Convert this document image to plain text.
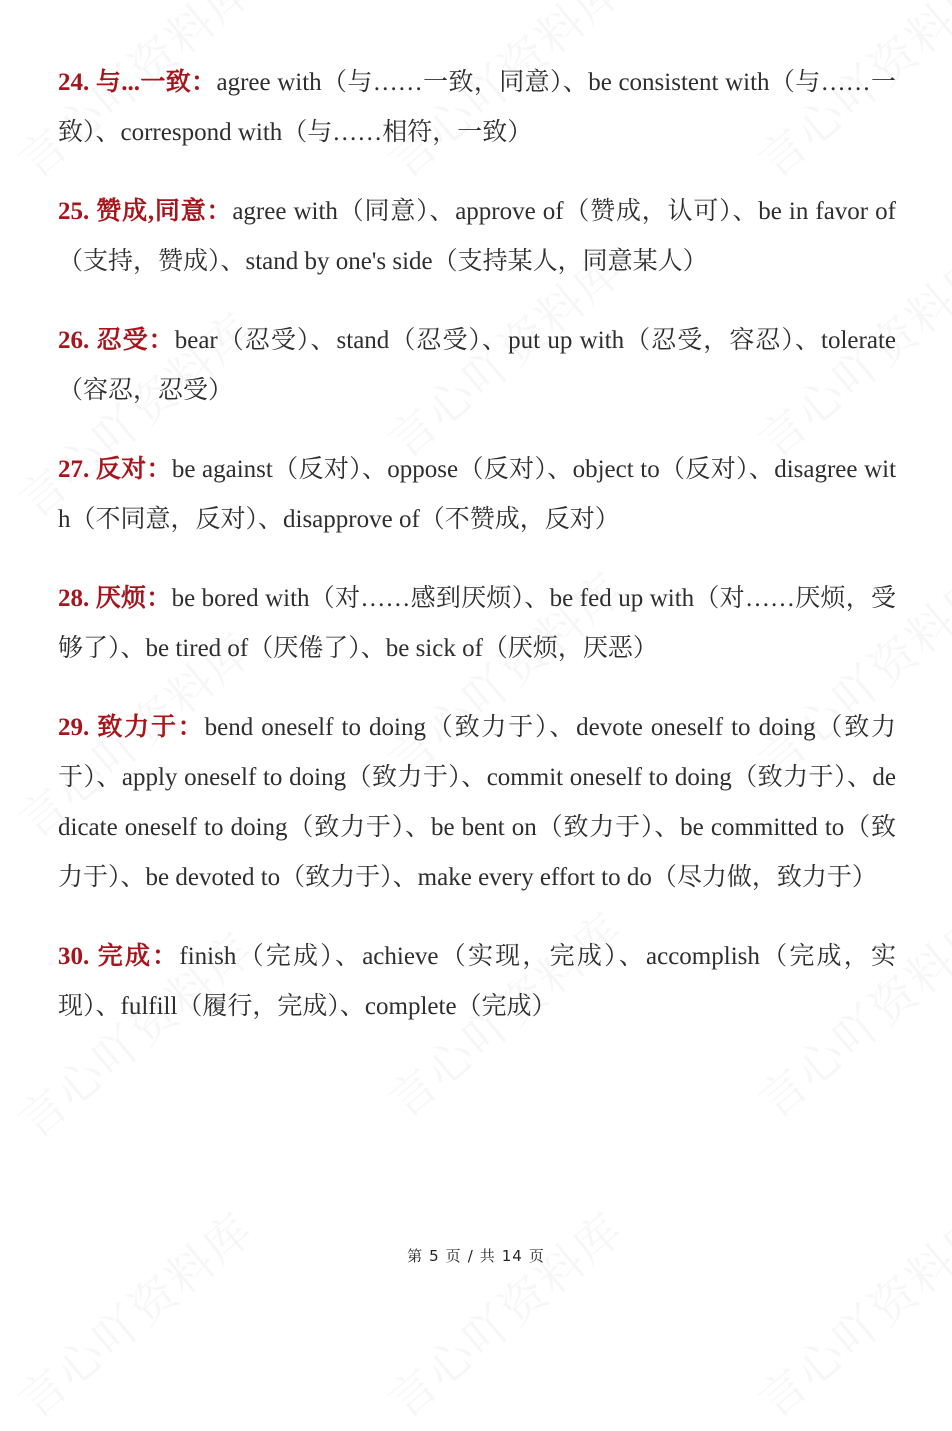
24. 与...一致：agree with（与……一致，同意）、be consistent with（与……一致）、correspond with（与……相符，一致）

25. 赞成,同意：agree with（同意）、approve of（赞成，认可）、be in favor of（支持，赞成）、stand by one's side（支持某人，同意某人）

26. 忍受：bear（忍受）、stand（忍受）、put up with（忍受，容忍）、tolerate（容忍，忍受）

27. 反对：be against（反对）、oppose（反对）、object to（反对）、disagree with（不同意，反对）、disapprove of（不赞成，反对）

28. 厌烦：be bored with（对……感到厌烦）、be fed up with（对……厌烦，受够了）、be tired of（厌倦了）、be sick of（厌烦，厌恶）

29. 致力于：bend oneself to doing（致力于）、devote oneself to doing（致力于）、apply oneself to doing（致力于）、commit oneself to doing（致力于）、dedicate oneself to doing（致力于）、be bent on（致力于）、be committed to（致力于）、be devoted to（致力于）、make every effort to do（尽力做，致力于）

30. 完成：finish（完成）、achieve（实现，完成）、accomplish（完成，实现）、fulfill（履行，完成）、complete（完成）

第 5 页 / 共 14 页
